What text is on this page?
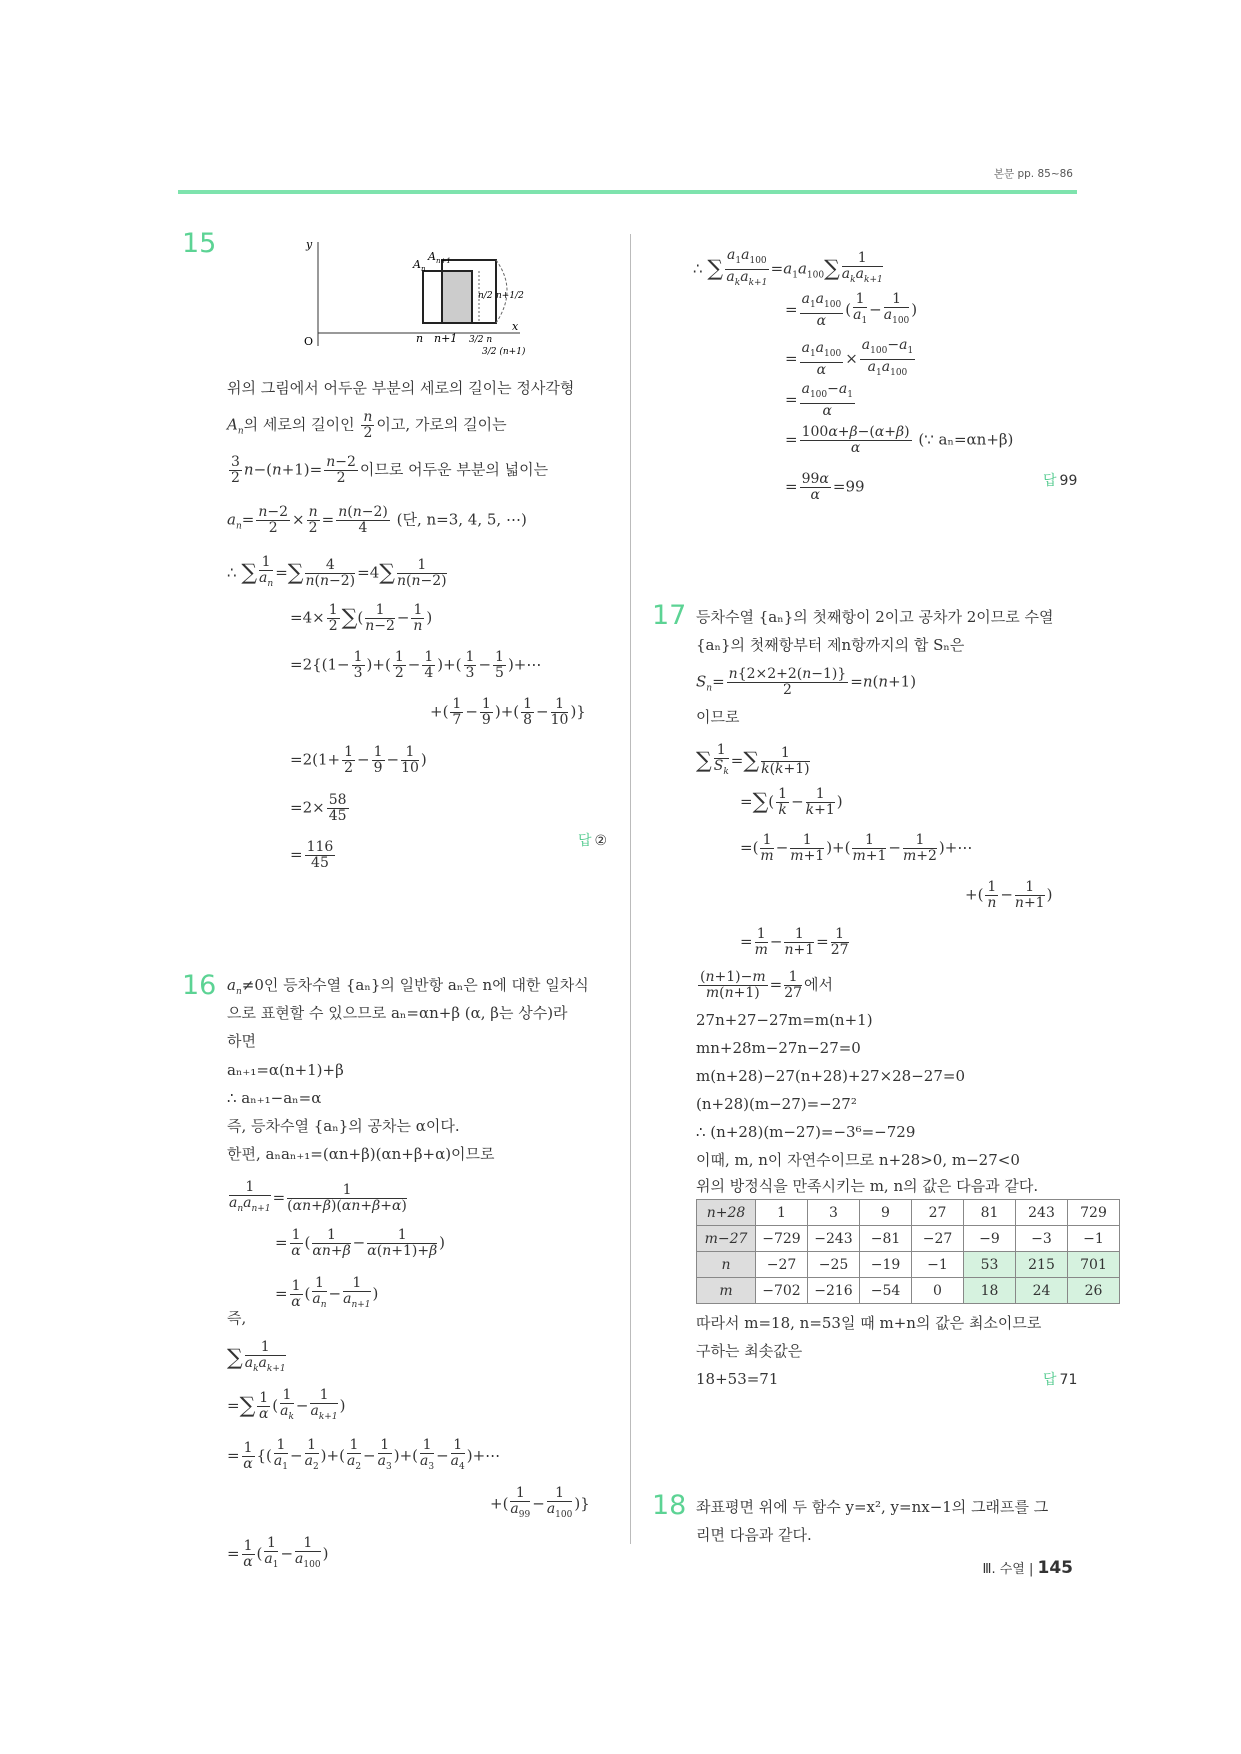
본문 pp. 85~86
15	y
x
O
A n
A n+1
n n+1 3/2 n
3/2 (n+1)
n/2 n+1/2
위의 그림에서 어두운 부분의 세로의 길이는 정사각형
$A_n$의 세로의 길이인 $\frac{n}{2}$ 이고, 가로의 길이는
$\frac{3}{2} n-(n+1)= \frac{n-2}{2}$ 이므로 어두운 부분의 넓이는
$a_n= \frac{n-2}{2} \times \frac{n}{2} = \frac{n(n-2)}{4}$ (단, n=3, 4, 5, ⋯)
∴ ∑ $\frac{1}{a_n}$ =∑ $\frac{4}{n(n-2)} =4\sum \frac{1}{n(n-2)}$
$=4\times \frac{1}{2}$ ∑( $\frac{1}{n-2} - \frac{1}{n}$ )
$=2\{(1- \frac{1}{3}$ )+( $\frac{1}{2} - \frac{1}{4}$ )+( $\frac{1}{3} - \frac{1}{5}$ )+⋯
+( $\frac{1}{7} - \frac{1}{9}$ )+( $\frac{1}{8} - \frac{1}{10}$ )}
$=2(1+ \frac{1}{2} - \frac{1}{9} - \frac{1}{10}$ )
$=2\times \frac{58}{45}$
= $\frac{116}{45}$	답 ②
16 $a_n\ne 0$인 등차수열 {aₙ}의 일반항 aₙ은 n에 대한 일차식
으로 표현할 수 있으므로 aₙ=αn+β (α, β는 상수)라
하면
aₙ₊₁=α(n+1)+β
∴ aₙ₊₁−aₙ=α
즉, 등차수열 {aₙ}의 공차는 α이다.
한편, aₙaₙ₊₁=(αn+β)(αn+β+α)이므로
1
$a_na_{n+1}$
= $\frac{1}{(\alpha n+\beta)(\alpha n+\beta+\alpha)}$
= $\frac{1}{\alpha}$ ( $\frac{1}{\alpha n+\beta} - \frac{1}{\alpha(n+1)+\beta}$ )
= $\frac{1}{\alpha}$ ( $\frac{1}{a_n} - \frac{1}{a_{n+1}}$ )
즉,
∑	1
$a_ka_{k+1}$
=∑ $\frac{1}{\alpha}$ ( $\frac{1}{a_k} - \frac{1}{a_{k+1}}$ )
= $\frac{1}{\alpha}$ {( $\frac{1}{a_1} - \frac{1}{a_2}$ )+( $\frac{1}{a_2} - \frac{1}{a_3}$ )+( $\frac{1}{a_3} - \frac{1}{a_4}$ )+⋯
+( $\frac{1}{a_{99}} - \frac{1}{a_{100}}$ )}
= $\frac{1}{\alpha}$ ( $\frac{1}{a_1} - \frac{1}{a_{100}}$ )
∴ ∑
$a_1a_{100}$
$a_ka_{k+1}$
$=a_1a_{100}\sum$	1
$a_ka_{k+1}$
= $\frac{a_1a_{100}}{\alpha}$ ( $\frac{1}{a_1} - \frac{1}{a_{100}}$ )
= $\frac{a_1a_{100}}{\alpha} \times \frac{a_{100}-a_1}{a_1a_{100}}$
= $\frac{a_{100}-a_1}{\alpha}$
= $\frac{100\alpha+\beta-(\alpha+\beta)}{\alpha}$ (∵ aₙ=αn+β)
= $\frac{99\alpha}{\alpha} =99$	답 99
17 등차수열 {aₙ}의 첫째항이 2이고 공차가 2이므로 수열
{aₙ}의 첫째항부터 제n항까지의 합 Sₙ은
$S_n= \frac{n\{2\times 2+2(n-1)\}}{2} =n(n+1)$
이므로
∑ $\frac{1}{S_k}$ =∑ $\frac{1}{k(k+1)}$
=∑( $\frac{1}{k} - \frac{1}{k+1}$ )
=( $\frac{1}{m} - \frac{1}{m+1}$ )+( $\frac{1}{m+1} - \frac{1}{m+2}$ )+⋯
+( $\frac{1}{n} - \frac{1}{n+1}$ )
= $\frac{1}{m} - \frac{1}{n+1} = \frac{1}{27}$
$\frac{(n+1)-m}{m(n+1)} = \frac{1}{27}$ 에서
27n+27−27m=m(n+1)
mn+28m−27n−27=0
m(n+28)−27(n+28)+27×28−27=0
(n+28)(m−27)=−27²
∴ (n+28)(m−27)=−3⁶=−729
이때, m, n이 자연수이므로 n+28>0, m−27<0
위의 방정식을 만족시키는 m, n의 값은 다음과 같다.
n+28	1	3	9	27	81	243	729
m−27	−729	−243	−81	−27	−9	−3	−1
n	−27	−25	−19	−1	53	215	701
m	−702	−216	−54	0	18	24	26
따라서 m=18, n=53일 때 m+n의 값은 최소이므로
구하는 최솟값은
18+53=71	답 71
18 좌표평면 위에 두 함수 y=x², y=nx−1의 그래프를 그
리면 다음과 같다.
Ⅲ. 수열 | 145
